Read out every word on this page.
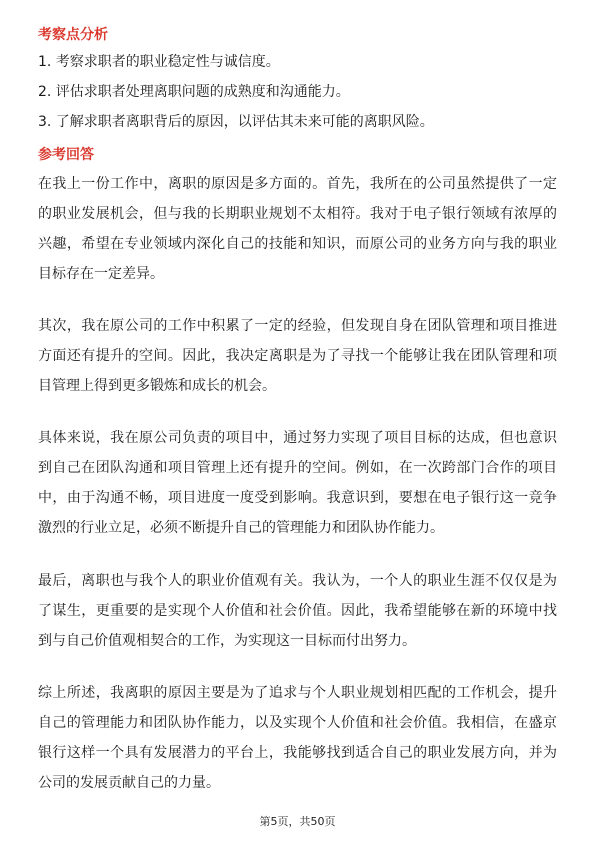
考察点分析
1. 考察求职者的职业稳定性与诚信度。
2. 评估求职者处理离职问题的成熟度和沟通能力。
3. 了解求职者离职背后的原因，以评估其未来可能的离职风险。
参考回答
在我上一份工作中，离职的原因是多方面的。首先，我所在的公司虽然提供了一定
的职业发展机会，但与我的长期职业规划不太相符。我对于电子银行领域有浓厚的
兴趣，希望在专业领域内深化自己的技能和知识，而原公司的业务方向与我的职业
目标存在一定差异。
其次，我在原公司的工作中积累了一定的经验，但发现自身在团队管理和项目推进
方面还有提升的空间。因此，我决定离职是为了寻找一个能够让我在团队管理和项
目管理上得到更多锻炼和成长的机会。
具体来说，我在原公司负责的项目中，通过努力实现了项目目标的达成，但也意识
到自己在团队沟通和项目管理上还有提升的空间。例如，在一次跨部门合作的项目
中，由于沟通不畅，项目进度一度受到影响。我意识到，要想在电子银行这一竞争
激烈的行业立足，必须不断提升自己的管理能力和团队协作能力。
最后，离职也与我个人的职业价值观有关。我认为，一个人的职业生涯不仅仅是为
了谋生，更重要的是实现个人价值和社会价值。因此，我希望能够在新的环境中找
到与自己价值观相契合的工作，为实现这一目标而付出努力。
综上所述，我离职的原因主要是为了追求与个人职业规划相匹配的工作机会，提升
自己的管理能力和团队协作能力，以及实现个人价值和社会价值。我相信，在盛京
银行这样一个具有发展潜力的平台上，我能够找到适合自己的职业发展方向，并为
公司的发展贡献自己的力量。
第5页，共50页
